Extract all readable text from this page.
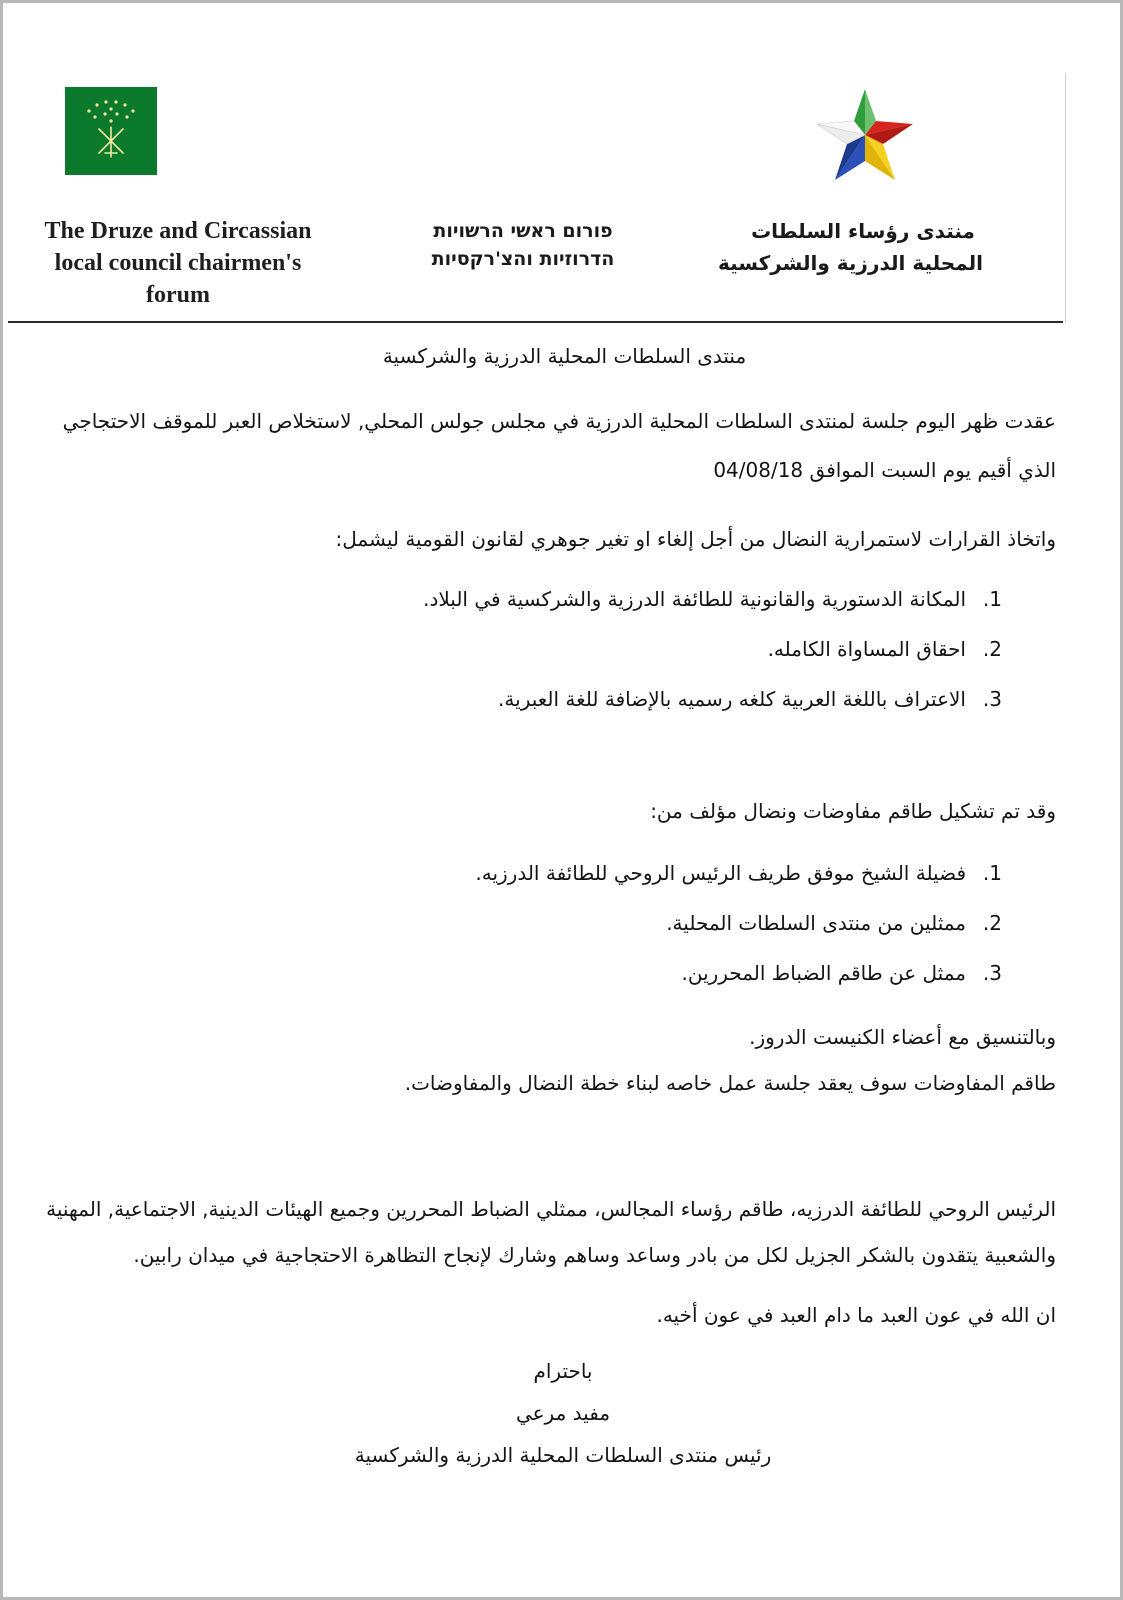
The Druze and Circassian
local council chairmen's
forum
פורום ראשי הרשויות
הדרוזיות והצ'רקסיות
منتدى رؤساء السلطات
المحلية الدرزية والشركسية
منتدى السلطات المحلية الدرزية والشركسية
عقدت ظهر اليوم جلسة لمنتدى السلطات المحلية الدرزية في مجلس جولس المحلي, لاستخلاص العبر للموقف الاحتجاجي
الذي أقيم يوم السبت الموافق 04/08/18
واتخاذ القرارات لاستمرارية النضال من أجل إلغاء او تغير جوهري لقانون القومية ليشمل:
1.المكانة الدستورية والقانونية للطائفة الدرزية والشركسية في البلاد.
2.احقاق المساواة الكامله.
3.الاعتراف باللغة العربية كلغه رسميه بالإضافة للغة العبرية.
وقد تم تشكيل طاقم مفاوضات ونضال مؤلف من:
1.فضيلة الشيخ موفق طريف الرئيس الروحي للطائفة الدرزيه.
2.ممثلين من منتدى السلطات المحلية.
3.ممثل عن طاقم الضباط المحررين.
وبالتنسيق مع أعضاء الكنيست الدروز.
طاقم المفاوضات سوف يعقد جلسة عمل خاصه لبناء خطة النضال والمفاوضات.
الرئيس الروحي للطائفة الدرزيه، طاقم رؤساء المجالس، ممثلي الضباط المحررين وجميع الهيئات الدينية, الاجتماعية, المهنية
والشعبية يتقدون بالشكر الجزيل لكل من بادر وساعد وساهم وشارك لإنجاح التظاهرة الاحتجاجية في ميدان رابين.
ان الله في عون العبد ما دام العبد في عون أخيه.
باحترام
مفيد مرعي
رئيس منتدى السلطات المحلية الدرزية والشركسية
